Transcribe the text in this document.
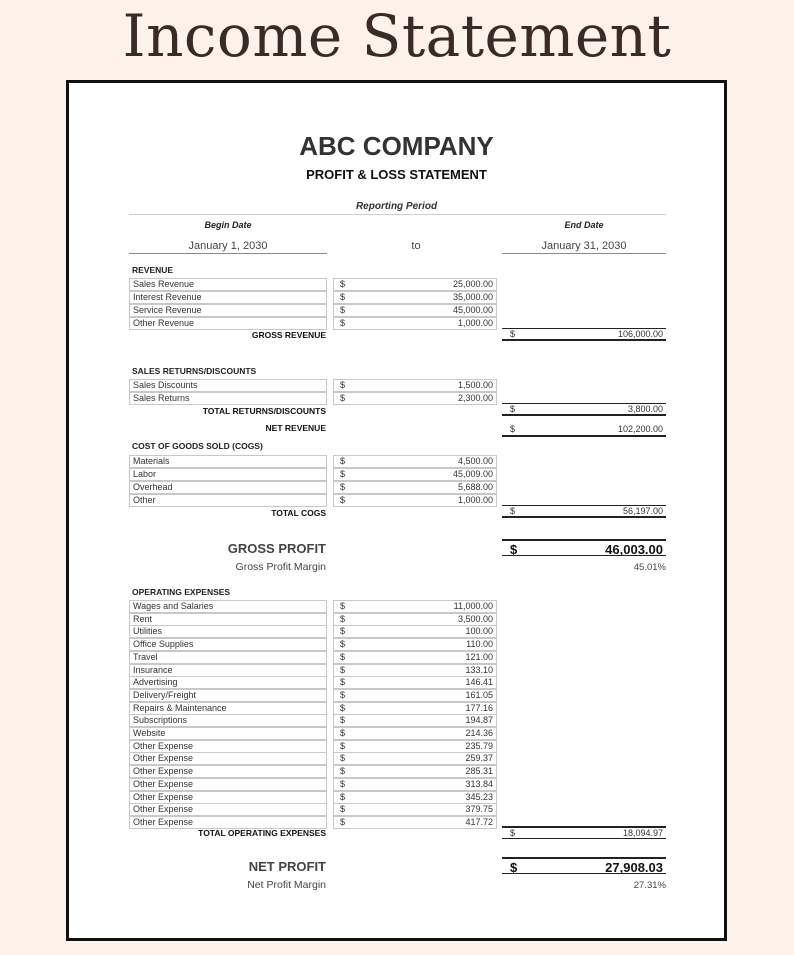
Income Statement
ABC COMPANY
PROFIT & LOSS STATEMENT
Reporting Period
Begin Date	End Date
January 1, 2030	to	January 31, 2030
REVENUE
Sales Revenue	$	25,000.00
Interest Revenue	$	35,000.00
Service Revenue	$	45,000.00
Other Revenue	$	1,000.00
GROSS REVENUE	$	106,000.00
SALES RETURNS/DISCOUNTS
Sales Discounts	$	1,500.00
Sales Returns	$	2,300.00
TOTAL RETURNS/DISCOUNTS	$	3,800.00
NET REVENUE	$	102,200.00
COST OF GOODS SOLD (COGS)
Materials	$	4,500.00
Labor	$	45,009.00
Overhead	$	5,688.00
Other	$	1,000.00
TOTAL COGS	$	56,197.00
GROSS PROFIT	$	46,003.00
Gross Profit Margin	45.01%
OPERATING EXPENSES
Wages and Salaries	$	11,000.00
Rent	$	3,500.00
Utilities	$	100.00
Office Supplies	$	110.00
Travel	$	121.00
Insurance	$	133.10
Advertising	$	146.41
Delivery/Freight	$	161.05
Repairs & Maintenance	$	177.16
Subscriptions	$	194.87
Website	$	214.36
Other Expense	$	235.79
Other Expense	$	259.37
Other Expense	$	285.31
Other Expense	$	313.84
Other Expense	$	345.23
Other Expense	$	379.75
Other Expense	$	417.72
TOTAL OPERATING EXPENSES	$	18,094.97
NET PROFIT	$	27,908.03
Net Profit Margin	27.31%
